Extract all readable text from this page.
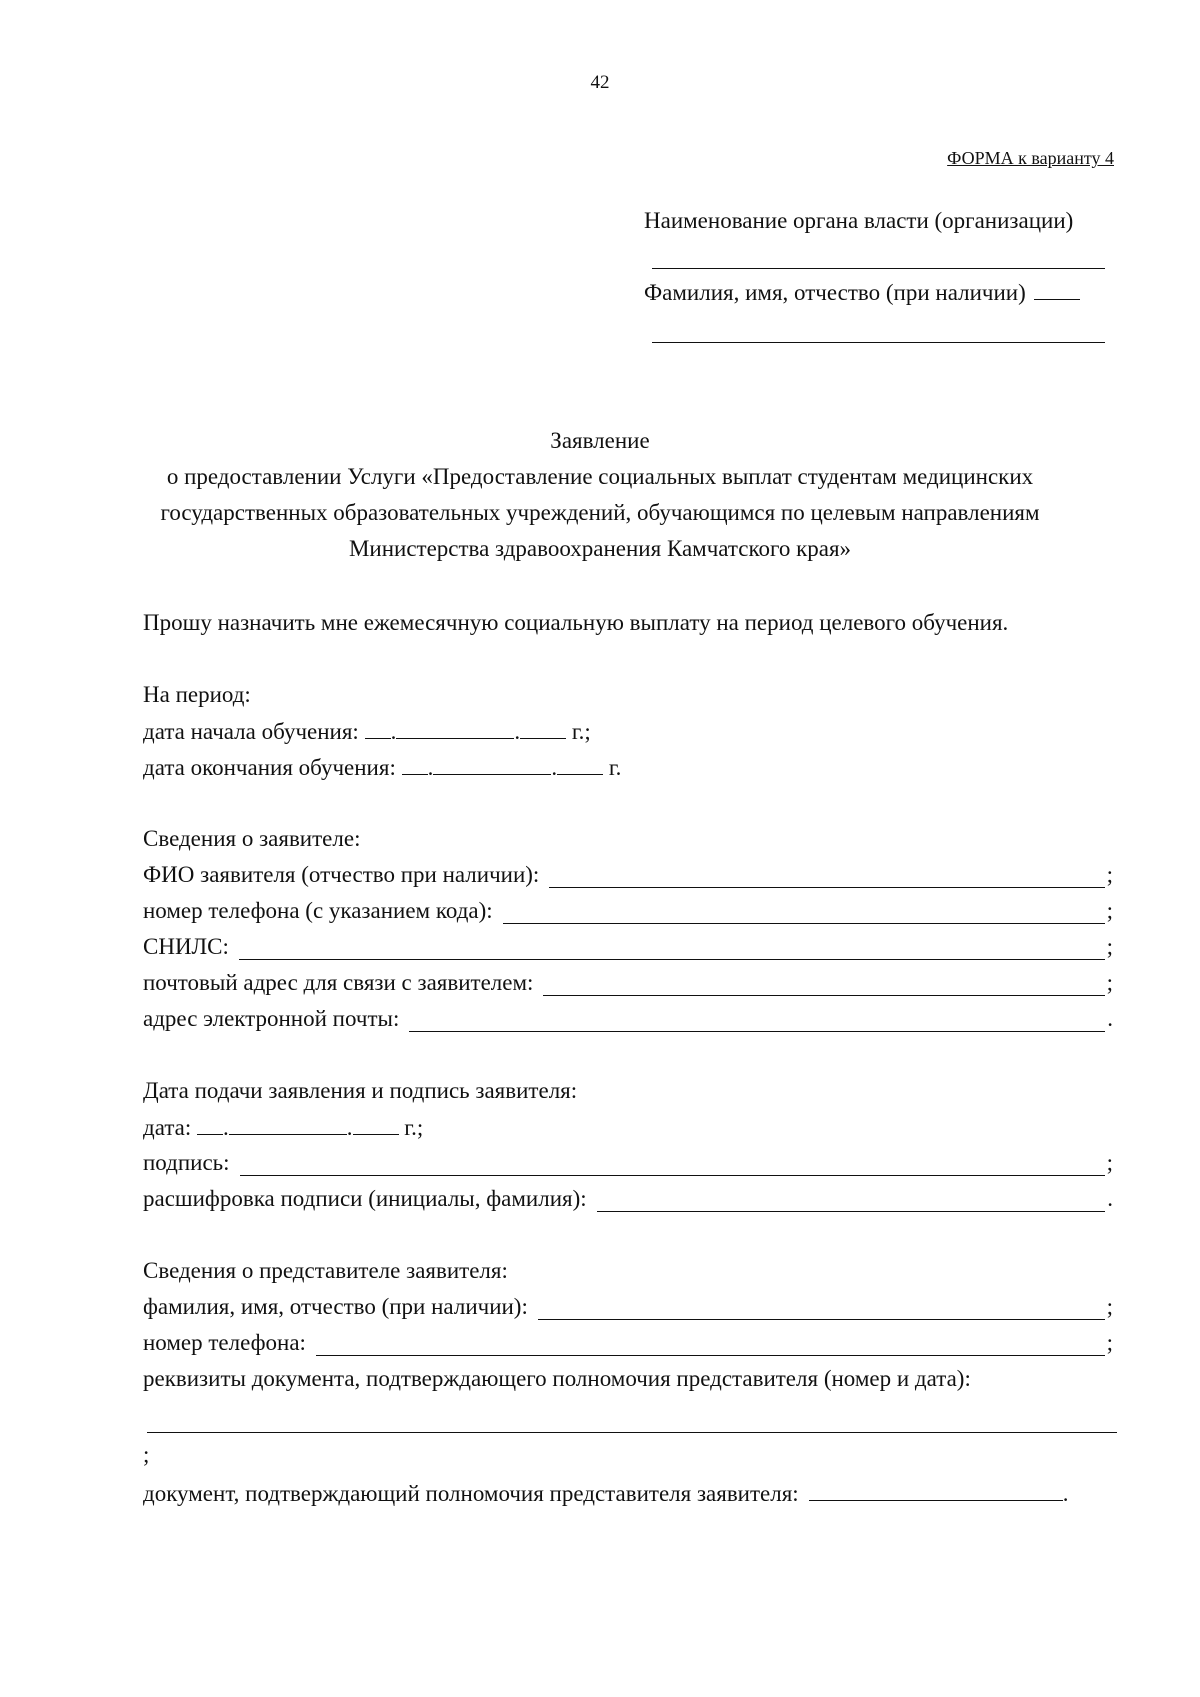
42
ФОРМА к варианту 4
Наименование органа власти (организации)
Фамилия, имя, отчество (при наличии)
Заявление
о предоставлении Услуги «Предоставление социальных выплат студентам медицинских
государственных образовательных учреждений, обучающимся по целевым направлениям
Министерства здравоохранения Камчатского края»
Прошу назначить мне ежемесячную социальную выплату на период целевого обучения.
На период:
дата начала обучения: .	. г.;
дата окончания обучения: .	. г.
Сведения о заявителе:
ФИО заявителя (отчество при наличии):	;
номер телефона (с указанием кода):	;
СНИЛС:	;
почтовый адрес для связи с заявителем:	;
адрес электронной почты:	.
Дата подачи заявления и подпись заявителя:
дата: .	. г.;
подпись:	;
расшифровка подписи (инициалы, фамилия):	.
Сведения о представителе заявителя:
фамилия, имя, отчество (при наличии):	;
номер телефона:	;
реквизиты документа, подтверждающего полномочия представителя (номер и дата):
;
документ, подтверждающий полномочия представителя заявителя:	.
